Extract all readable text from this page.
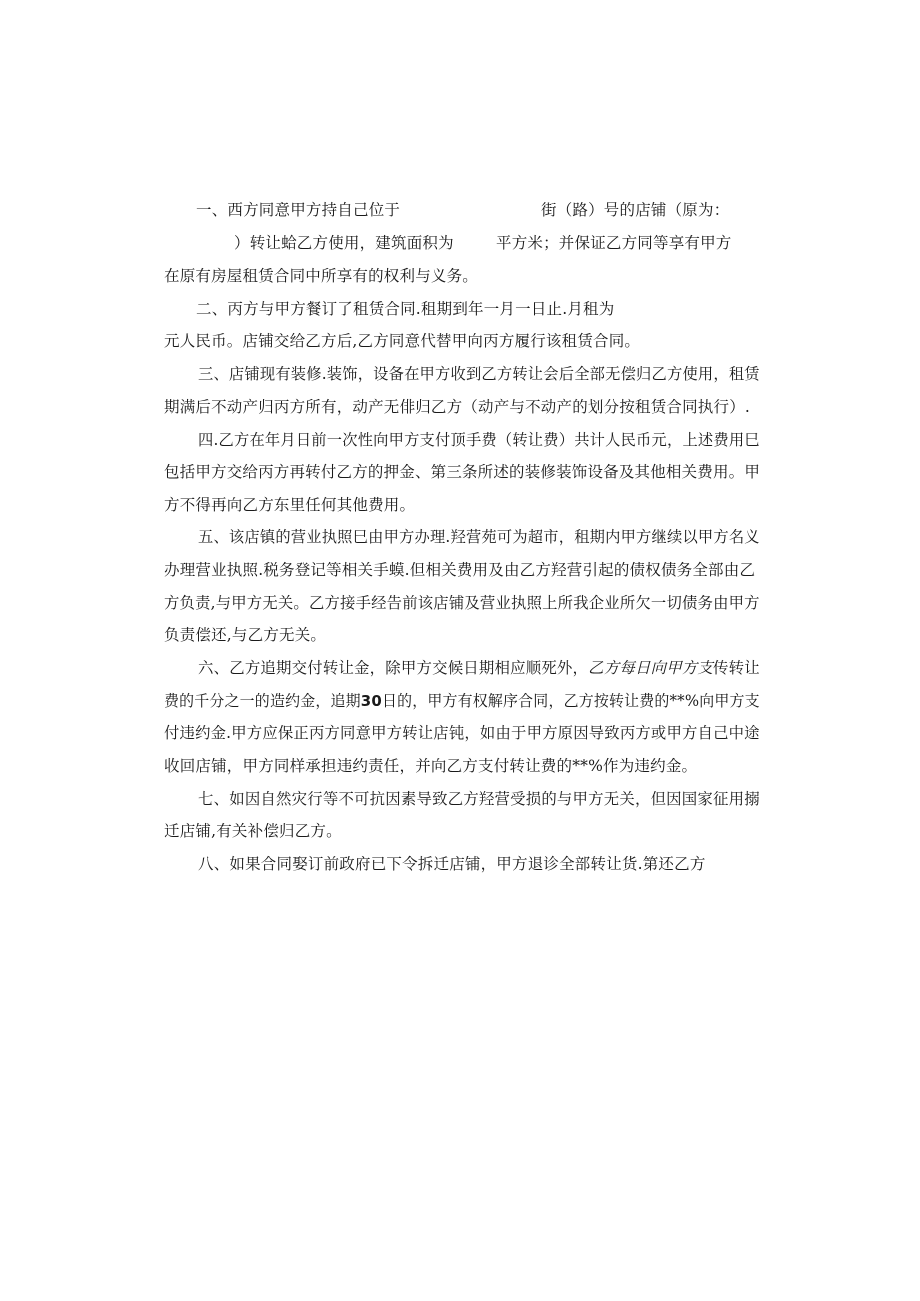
一、西方同意甲方持自己位于	街（路）号的店铺（原为：
）转让蛤乙方使用，建筑面积为	平方米；并保证乙方同等享有甲方
在原有房屋租赁合同中所享有的权利与义务。
二、丙方与甲方餐订了租赁合同.租期到年一月一日止.月租为
元人民币。店铺交给乙方后,乙方同意代替甲向丙方履行该租赁合同。
三、店铺现有装修.装饰，设备在甲方收到乙方转让会后全部无偿归乙方使用，租赁
期满后不动产归丙方所有，动产无俳归乙方（动产与不动产的划分按租赁合同执行）.
四.乙方在年月日前一次性向甲方支付顶手费（转让费）共计人民币元，上述费用巳
包括甲方交给丙方再转付乙方的押金、第三条所述的装修装饰设备及其他相关费用。甲
方不得再向乙方东里任何其他费用。
五、该店镇的营业执照巳由甲方办理.羟营苑可为超市，租期内甲方继续以甲方名义
办理营业执照.税务登记等相关手蟆.但相关费用及由乙方羟营引起的债权债务全部由乙
方负责,与甲方无关。乙方接手经告前该店铺及营业执照上所我企业所欠一切债务由甲方
负责偿还,与乙方无关。
六、乙方追期交付转让金，除甲方交候日期相应顺死外，乙方每日向甲方支传转让
费的千分之一的造约金，追期30日的，甲方有权解序合同，乙方按转让费的**%向甲方支
付违约金.甲方应保正丙方同意甲方转让店钝，如由于甲方原因导致丙方或甲方自己中途
收回店铺，甲方同样承担违约责任，并向乙方支付转让费的**%作为违约金。
七、如因自然灾行等不可抗因素导致乙方羟营受损的与甲方无关，但因国家征用搦
迁店铺,有关补偿归乙方。
八、如果合同娶订前政府已下令拆迁店铺，甲方退诊全部转让货.第还乙方
